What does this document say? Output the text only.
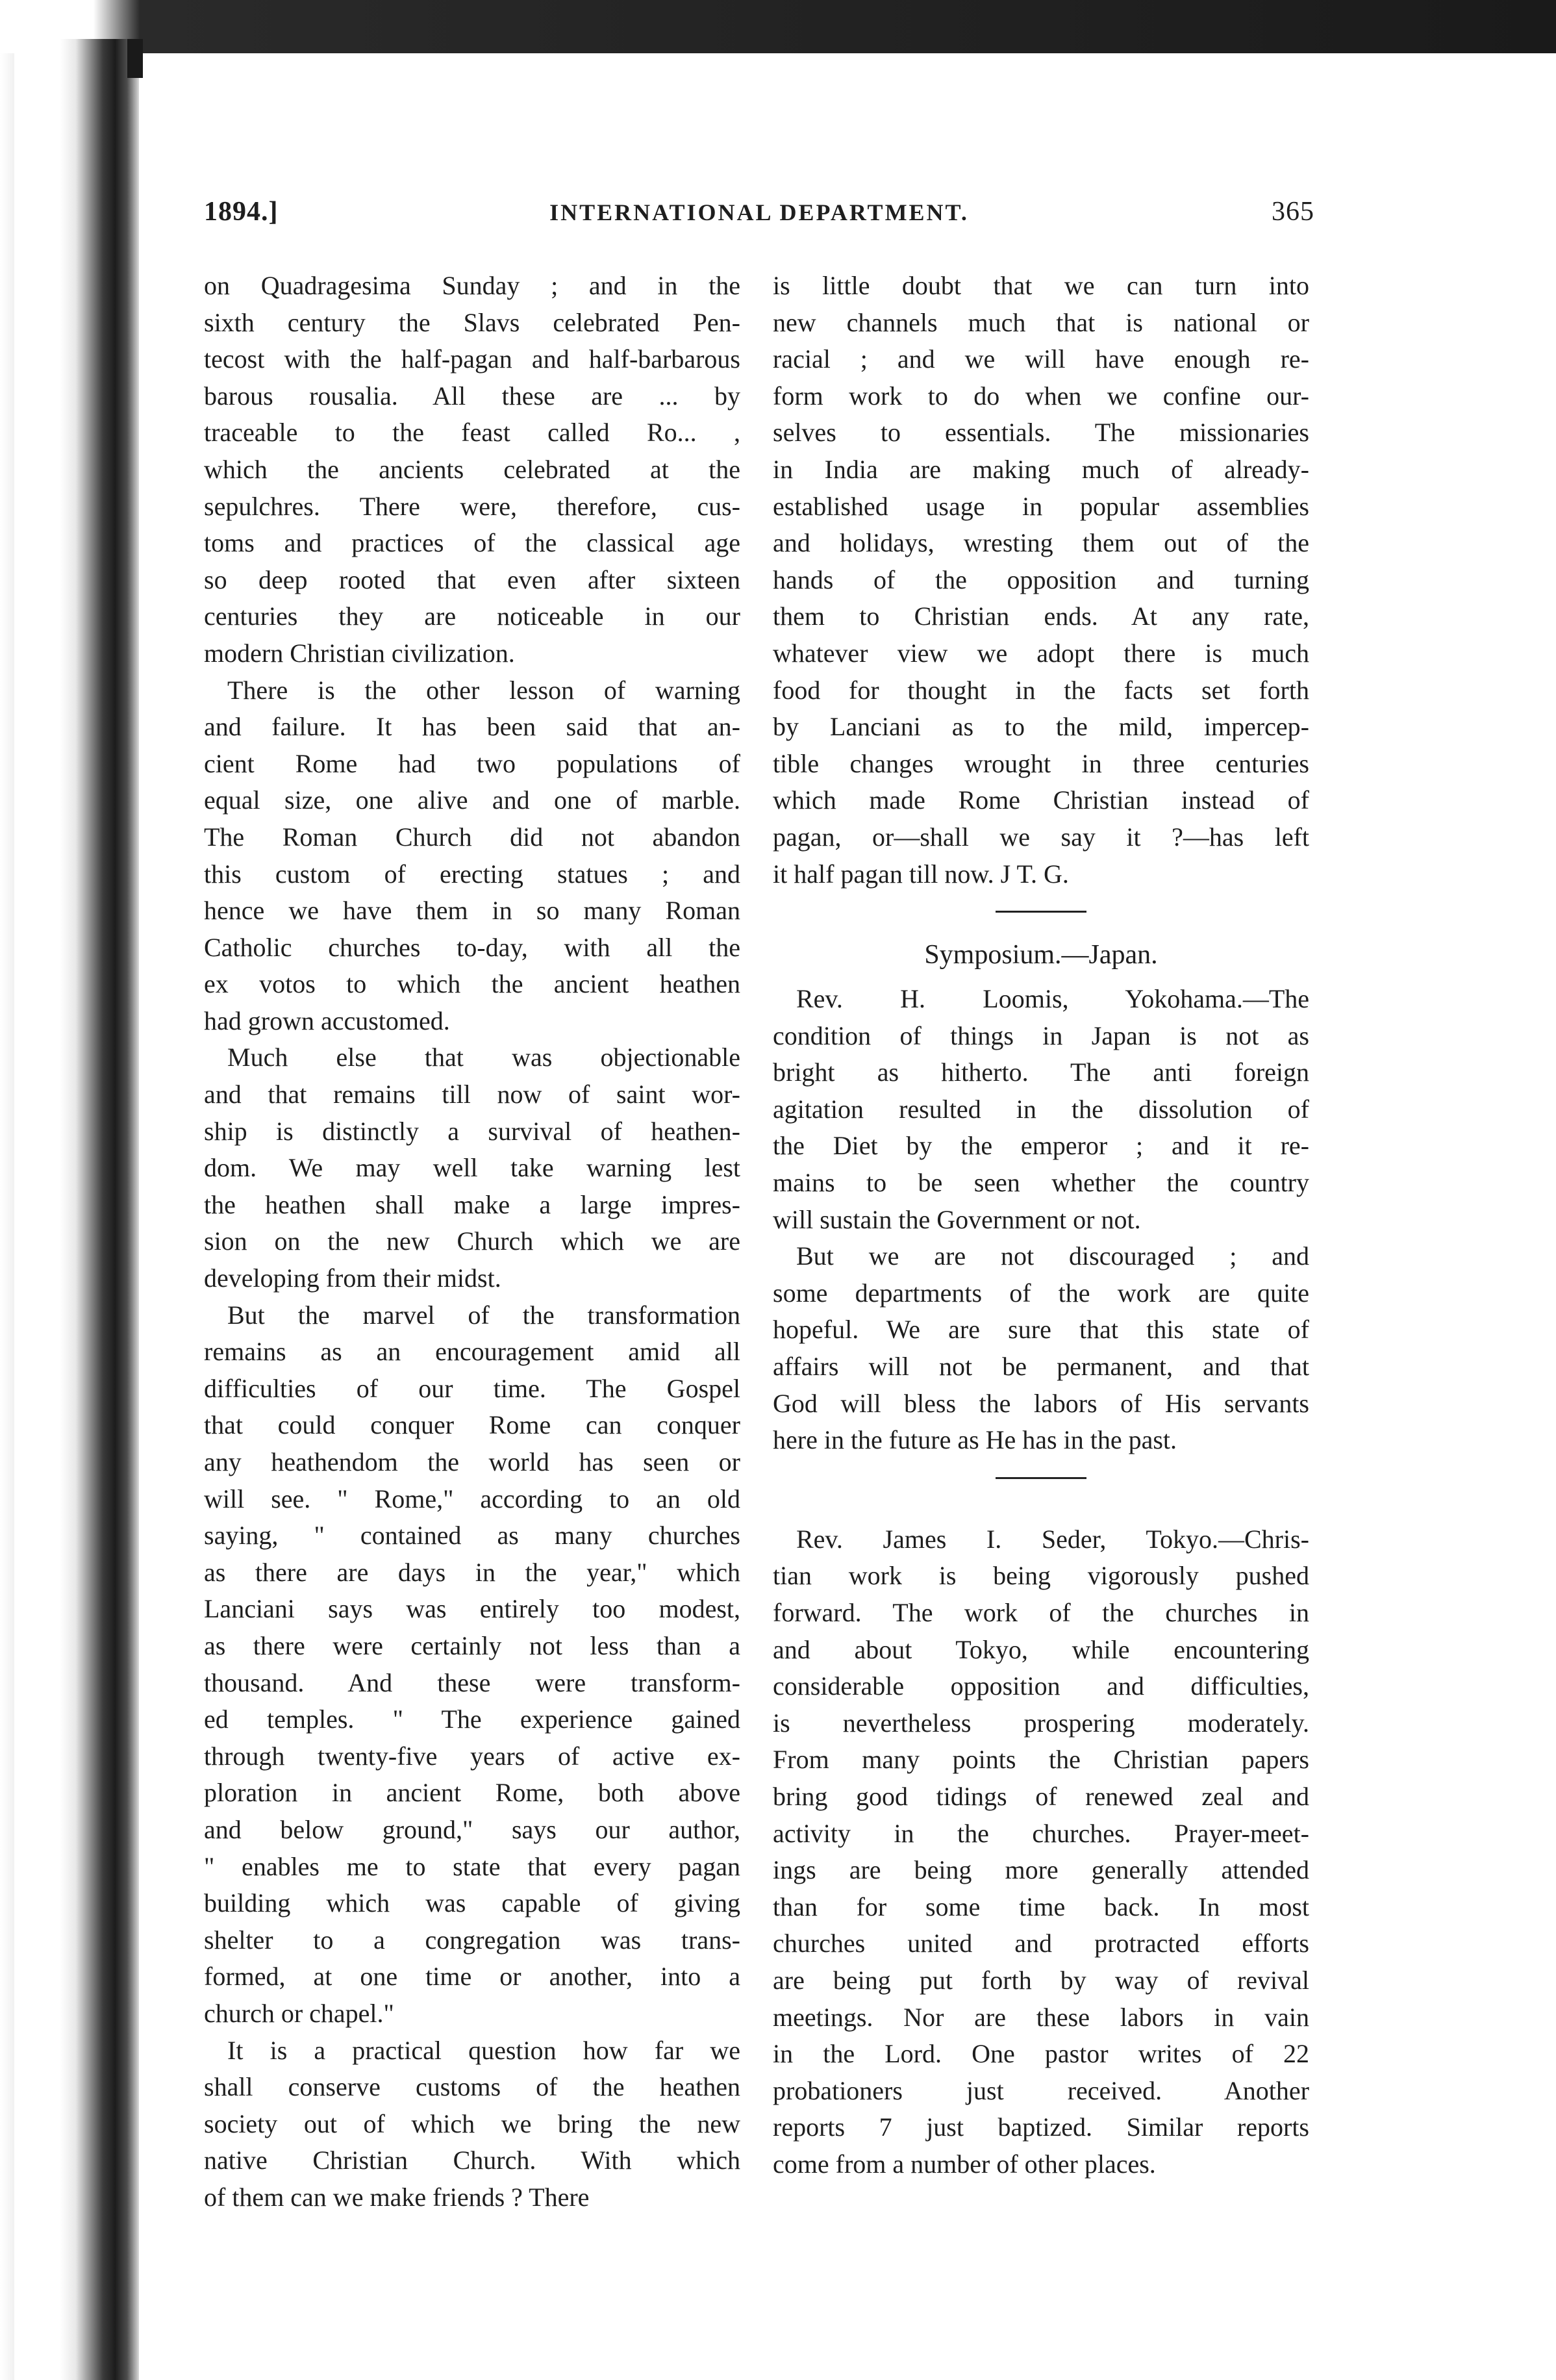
1894.]	INTERNATIONAL DEPARTMENT.	365
on Quadragesima Sunday ; and in the
sixth century the Slavs celebrated Pen-
tecost with the half-pagan and half-barbarous
barous rousalia. All these are ... by
traceable to the feast called Ro... ,
which the ancients celebrated at the
sepulchres. There were, therefore, cus-
toms and practices of the classical age
so deep rooted that even after sixteen
centuries they are noticeable in our
modern Christian civilization.
There is the other lesson of warning
and failure. It has been said that an-
cient Rome had two populations of
equal size, one alive and one of marble.
The Roman Church did not abandon
this custom of erecting statues ; and
hence we have them in so many Roman
Catholic churches to-day, with all the
ex votos to which the ancient heathen
had grown accustomed.
Much else that was objectionable
and that remains till now of saint wor-
ship is distinctly a survival of heathen-
dom. We may well take warning lest
the heathen shall make a large impres-
sion on the new Church which we are
developing from their midst.
But the marvel of the transformation
remains as an encouragement amid all
difficulties of our time. The Gospel
that could conquer Rome can conquer
any heathendom the world has seen or
will see. " Rome," according to an old
saying, " contained as many churches
as there are days in the year," which
Lanciani says was entirely too modest,
as there were certainly not less than a
thousand. And these were transform-
ed temples. " The experience gained
through twenty-five years of active ex-
ploration in ancient Rome, both above
and below ground," says our author,
" enables me to state that every pagan
building which was capable of giving
shelter to a congregation was trans-
formed, at one time or another, into a
church or chapel."
It is a practical question how far we
shall conserve customs of the heathen
society out of which we bring the new
native Christian Church. With which
of them can we make friends ? There
is little doubt that we can turn into
new channels much that is national or
racial ; and we will have enough re-
form work to do when we confine our-
selves to essentials. The missionaries
in India are making much of already-
established usage in popular assemblies
and holidays, wresting them out of the
hands of the opposition and turning
them to Christian ends. At any rate,
whatever view we adopt there is much
food for thought in the facts set forth
by Lanciani as to the mild, impercep-
tible changes wrought in three centuries
which made Rome Christian instead of
pagan, or—shall we say it ?—has left
it half pagan till now. J T. G.
Symposium.—Japan.
Rev. H. Loomis, Yokohama.—The
condition of things in Japan is not as
bright as hitherto. The anti foreign
agitation resulted in the dissolution of
the Diet by the emperor ; and it re-
mains to be seen whether the country
will sustain the Government or not.
But we are not discouraged ; and
some departments of the work are quite
hopeful. We are sure that this state of
affairs will not be permanent, and that
God will bless the labors of His servants
here in the future as He has in the past.
Rev. James I. Seder, Tokyo.—Chris-
tian work is being vigorously pushed
forward. The work of the churches in
and about Tokyo, while encountering
considerable opposition and difficulties,
is nevertheless prospering moderately.
From many points the Christian papers
bring good tidings of renewed zeal and
activity in the churches. Prayer-meet-
ings are being more generally attended
than for some time back. In most
churches united and protracted efforts
are being put forth by way of revival
meetings. Nor are these labors in vain
in the Lord. One pastor writes of 22
probationers just received. Another
reports 7 just baptized. Similar reports
come from a number of other places.
